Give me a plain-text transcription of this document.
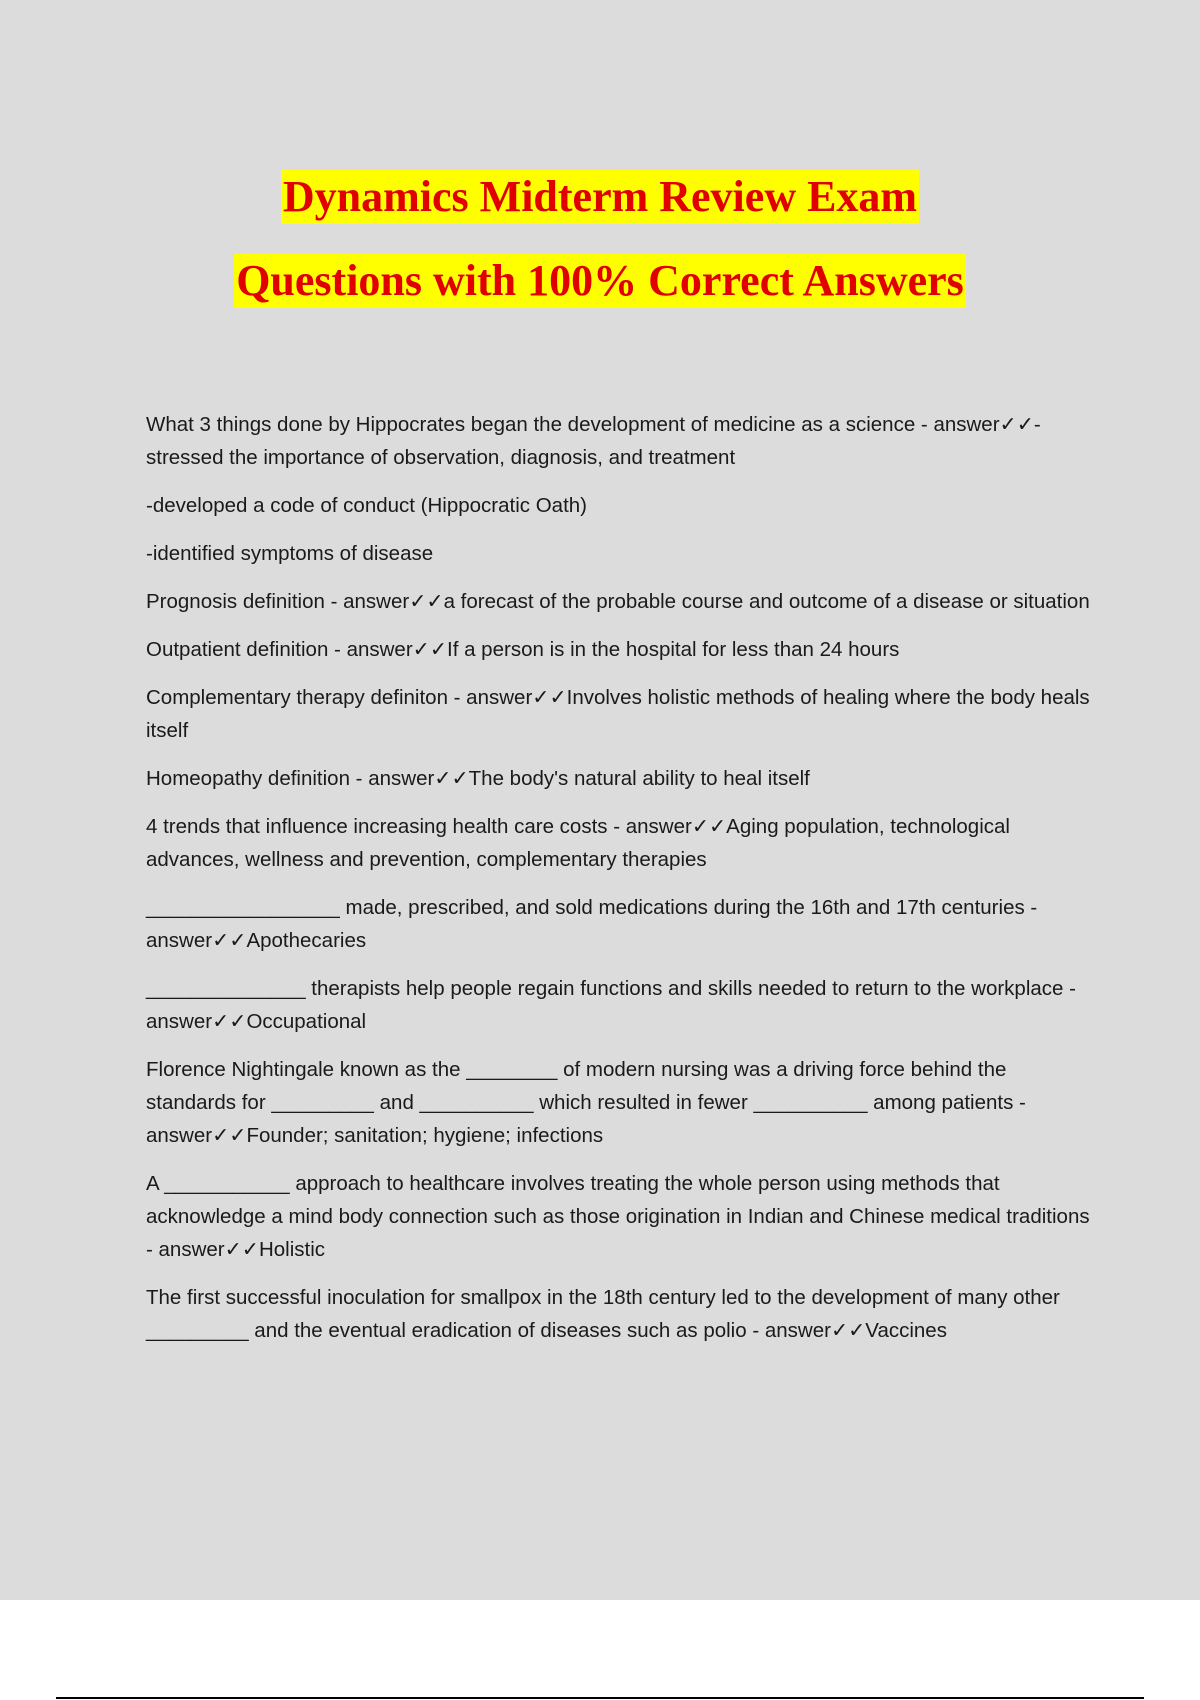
Dynamics Midterm Review Exam
Questions with 100% Correct Answers

What 3 things done by Hippocrates began the development of medicine as a science - answer✓✓-stressed the importance of observation, diagnosis, and treatment

-developed a code of conduct (Hippocratic Oath)

-identified symptoms of disease

Prognosis definition - answer✓✓a forecast of the probable course and outcome of a disease or situation

Outpatient definition - answer✓✓If a person is in the hospital for less than 24 hours

Complementary therapy definiton - answer✓✓Involves holistic methods of healing where the body heals itself

Homeopathy definition - answer✓✓The body's natural ability to heal itself

4 trends that influence increasing health care costs - answer✓✓Aging population, technological advances, wellness and prevention, complementary therapies

_________________ made, prescribed, and sold medications during the 16th and 17th centuries - answer✓✓Apothecaries

______________ therapists help people regain functions and skills needed to return to the workplace - answer✓✓Occupational

Florence Nightingale known as the ________ of modern nursing was a driving force behind the standards for _________ and __________ which resulted in fewer __________ among patients - answer✓✓Founder; sanitation; hygiene; infections

A ___________ approach to healthcare involves treating the whole person using methods that acknowledge a mind body connection such as those origination in Indian and Chinese medical traditions - answer✓✓Holistic

The first successful inoculation for smallpox in the 18th century led to the development of many other _________ and the eventual eradication of diseases such as polio - answer✓✓Vaccines
